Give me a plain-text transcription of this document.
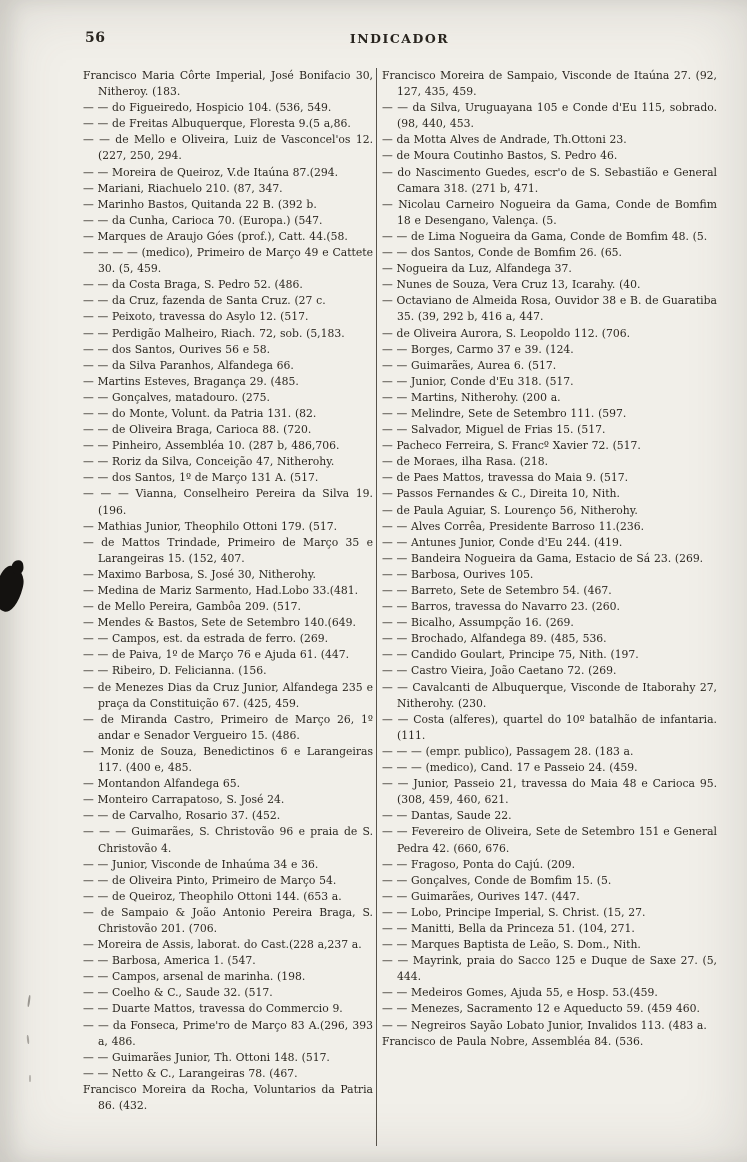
56	INDICADOR

Francisco Maria Côrte Imperial, José Bonifacio 30, Nitheroy. (183.

— — do Figueiredo, Hospicio 104. (536, 549.

— — de Freitas Albuquerque, Floresta 9.(5 a,86.

— — de Mello e Oliveira, Luiz de Vasconcel'os 12. (227, 250, 294.

— — Moreira de Queiroz, V.de Itaúna 87.(294.

— Mariani, Riachuelo 210. (87, 347.

— Marinho Bastos, Quitanda 22 B. (392 b.

— — da Cunha, Carioca 70. (Europa.) (547.

— Marques de Araujo Góes (prof.), Catt. 44.(58.

— — — — (medico), Primeiro de Março 49 e Cattete 30. (5, 459.

— — da Costa Braga, S. Pedro 52. (486.

— — da Cruz, fazenda de Santa Cruz. (27 c.

— — Peixoto, travessa do Asylo 12. (517.

— — Perdigão Malheiro, Riach. 72, sob. (5,183.

— — dos Santos, Ourives 56 e 58.

— — da Silva Paranhos, Alfandega 66.

— Martins Esteves, Bragança 29. (485.

— — Gonçalves, matadouro. (275.

— — do Monte, Volunt. da Patria 131. (82.

— — de Oliveira Braga, Carioca 88. (720.

— — Pinheiro, Assembléa 10. (287 b, 486,706.

— — Roriz da Silva, Conceição 47, Nitherohy.

— — dos Santos, 1º de Março 131 A. (517.

— — — Vianna, Conselheiro Pereira da Silva 19. (196.

— Mathias Junior, Theophilo Ottoni 179. (517.

— de Mattos Trindade, Primeiro de Março 35 e Larangeiras 15. (152, 407.

— Maximo Barbosa, S. José 30, Nitherohy.

— Medina de Mariz Sarmento, Had.Lobo 33.(481.

— de Mello Pereira, Gambôa 209. (517.

— Mendes & Bastos, Sete de Setembro 140.(649.

— — Campos, est. da estrada de ferro. (269.

— — de Paiva, 1º de Março 76 e Ajuda 61. (447.

— — Ribeiro, D. Felicianna. (156.

— de Menezes Dias da Cruz Junior, Alfandega 235 e praça da Constituição 67. (425, 459.

— de Miranda Castro, Primeiro de Março 26, 1º andar e Senador Vergueiro 15. (486.

— Moniz de Souza, Benedictinos 6 e Larangeiras 117. (400 e, 485.

— Montandon Alfandega 65.

— Monteiro Carrapatoso, S. José 24.

— — de Carvalho, Rosario 37. (452.

— — — Guimarães, S. Christovão 96 e praia de S. Christovão 4.

— — Junior, Visconde de Inhaúma 34 e 36.

— — de Oliveira Pinto, Primeiro de Março 54.

— — de Queiroz, Theophilo Ottoni 144. (653 a.

— de Sampaio & João Antonio Pereira Braga, S. Christovão 201. (706.

— Moreira de Assis, laborat. do Cast.(228 a,237 a.

— — Barbosa, America 1. (547.

— — Campos, arsenal de marinha. (198.

— — Coelho & C., Saude 32. (517.

— — Duarte Mattos, travessa do Commercio 9.

— — da Fonseca, Prime'ro de Março 83 A.(296, 393 a, 486.

— — Guimarães Junior, Th. Ottoni 148. (517.

— — Netto & C., Larangeiras 78. (467.

Francisco Moreira da Rocha, Voluntarios da Patria 86. (432.

Francisco Moreira de Sampaio, Visconde de Itaúna 27. (92, 127, 435, 459.

— — da Silva, Uruguayana 105 e Conde d'Eu 115, sobrado. (98, 440, 453.

— da Motta Alves de Andrade, Th.Ottoni 23.

— de Moura Coutinho Bastos, S. Pedro 46.

— do Nascimento Guedes, escr'o de S. Sebastião e General Camara 318. (271 b, 471.

— Nicolau Carneiro Nogueira da Gama, Conde de Bomfim 18 e Desengano, Valença. (5.

— — de Lima Nogueira da Gama, Conde de Bomfim 48. (5.

— — dos Santos, Conde de Bomfim 26. (65.

— Nogueira da Luz, Alfandega 37.

— Nunes de Souza, Vera Cruz 13, Icarahy. (40.

— Octaviano de Almeida Rosa, Ouvidor 38 e B. de Guaratiba 35. (39, 292 b, 416 a, 447.

— de Oliveira Aurora, S. Leopoldo 112. (706.

— — Borges, Carmo 37 e 39. (124.

— — Guimarães, Aurea 6. (517.

— — Junior, Conde d'Eu 318. (517.

— — Martins, Nitherohy. (200 a.

— — Melindre, Sete de Setembro 111. (597.

— — Salvador, Miguel de Frias 15. (517.

— Pacheco Ferreira, S. Francº Xavier 72. (517.

— de Moraes, ilha Rasa. (218.

— de Paes Mattos, travessa do Maia 9. (517.

— Passos Fernandes & C., Direita 10, Nith.

— de Paula Aguiar, S. Lourenço 56, Nitherohy.

— — Alves Corrêa, Presidente Barroso 11.(236.

— — Antunes Junior, Conde d'Eu 244. (419.

— — Bandeira Nogueira da Gama, Estacio de Sá 23. (269.

— — Barbosa, Ourives 105.

— — Barreto, Sete de Setembro 54. (467.

— — Barros, travessa do Navarro 23. (260.

— — Bicalho, Assumpção 16. (269.

— — Brochado, Alfandega 89. (485, 536.

— — Candido Goulart, Principe 75, Nith. (197.

— — Castro Vieira, João Caetano 72. (269.

— — Cavalcanti de Albuquerque, Visconde de Itaborahy 27, Nitherohy. (230.

— — Costa (alferes), quartel do 10º batalhão de infantaria. (111.

— — — (empr. publico), Passagem 28. (183 a.

— — — (medico), Cand. 17 e Passeio 24. (459.

— — Junior, Passeio 21, travessa do Maia 48 e Carioca 95. (308, 459, 460, 621.

— — Dantas, Saude 22.

— — Fevereiro de Oliveira, Sete de Setembro 151 e General Pedra 42. (660, 676.

— — Fragoso, Ponta do Cajú. (209.

— — Gonçalves, Conde de Bomfim 15. (5.

— — Guimarães, Ourives 147. (447.

— — Lobo, Principe Imperial, S. Christ. (15, 27.

— — Manitti, Bella da Princeza 51. (104, 271.

— — Marques Baptista de Leão, S. Dom., Nith.

— — Mayrink, praia do Sacco 125 e Duque de Saxe 27. (5, 444.

— — Medeiros Gomes, Ajuda 55, e Hosp. 53.(459.

— — Menezes, Sacramento 12 e Aqueducto 59. (459 460.

— — Negreiros Sayão Lobato Junior, Invalidos 113. (483 a.

Francisco de Paula Nobre, Assembléa 84. (536.
